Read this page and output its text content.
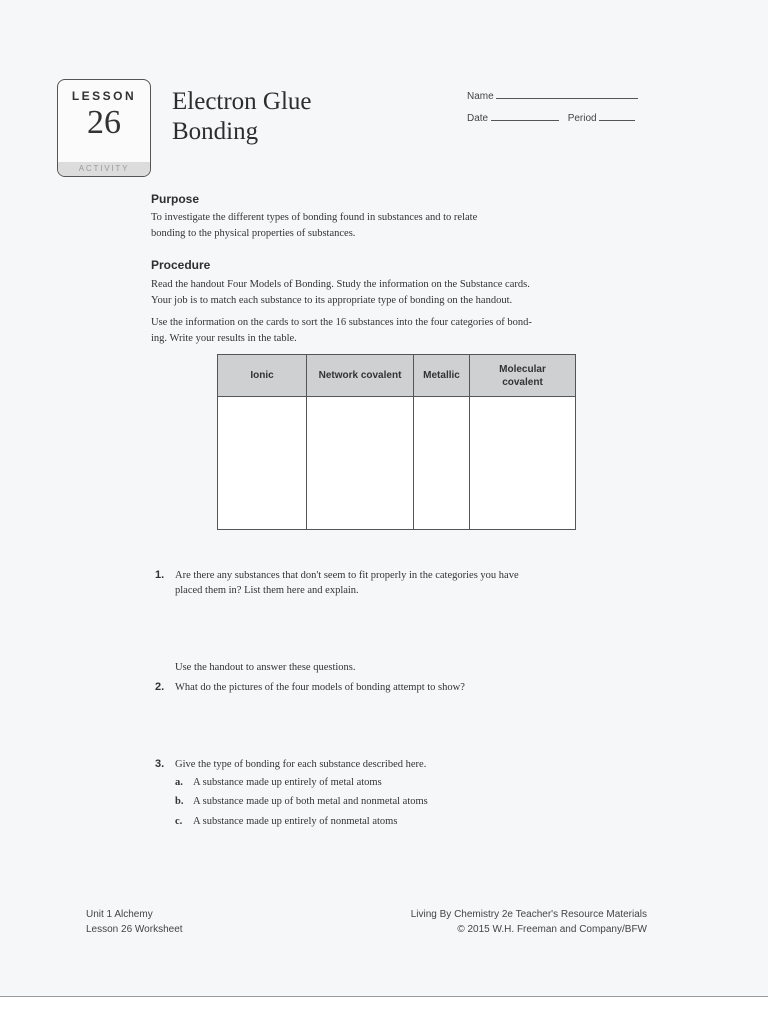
LESSON
26
ACTIVITY
Electron Glue
Bonding
Name
Date	Period
Purpose
To investigate the different types of bonding found in substances and to relate
bonding to the physical properties of substances.
Procedure
Read the handout Four Models of Bonding. Study the information on the Substance cards.
Your job is to match each substance to its appropriate type of bonding on the handout.
Use the information on the cards to sort the 16 substances into the four categories of bond-
ing. Write your results in the table.
Ionic	Network covalent	Metallic	Molecular
covalent

1. Are there any substances that don't seem to fit properly in the categories you have
placed them in? List them here and explain.
Use the handout to answer these questions.
2. What do the pictures of the four models of bonding attempt to show?
3. Give the type of bonding for each substance described here.
a. A substance made up entirely of metal atoms
b. A substance made up of both metal and nonmetal atoms
c. A substance made up entirely of nonmetal atoms
Unit 1 Alchemy
Lesson 26 Worksheet
Living By Chemistry 2e Teacher's Resource Materials
© 2015 W.H. Freeman and Company/BFW
